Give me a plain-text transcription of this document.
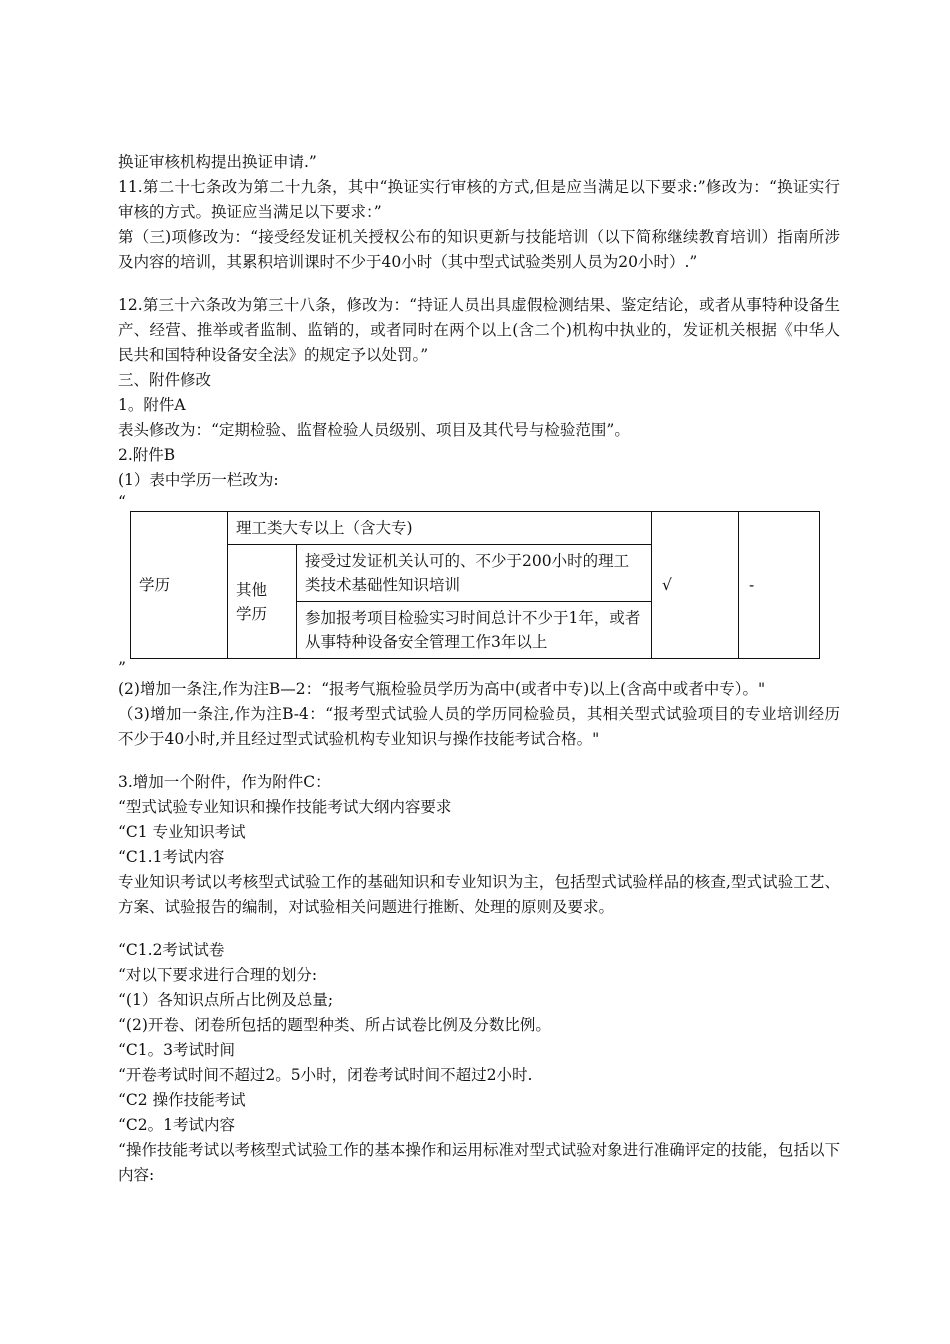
换证审核机构提出换证申请.”

11.第二十七条改为第二十九条，其中“换证实行审核的方式,但是应当满足以下要求:”修改为：“换证实行审核的方式。换证应当满足以下要求：”

第（三)项修改为：“接受经发证机关授权公布的知识更新与技能培训（以下简称继续教育培训）指南所涉及内容的培训，其累积培训课时不少于40小时（其中型式试验类别人员为20小时）.”

12.第三十六条改为第三十八条，修改为：“持证人员出具虚假检测结果、鉴定结论，或者从事特种设备生产、经营、推举或者监制、监销的，或者同时在两个以上(含二个)机构中执业的，发证机关根据《中华人民共和国特种设备安全法》的规定予以处罚。”

三、附件修改

1。附件A

表头修改为：“定期检验、监督检验人员级别、项目及其代号与检验范围”。

2.附件B

(1）表中学历一栏改为:

“

学历	理工类大专以上（含大专)		√	-
	其他
学历	接受过发证机关认可的、不少于200小时的理工类技术基础性知识培训		
		参加报考项目检验实习时间总计不少于1年，或者从事特种设备安全管理工作3年以上		

”

(2)增加一条注,作为注B—2：“报考气瓶检验员学历为高中(或者中专)以上(含高中或者中专）。"

（3)增加一条注,作为注B-4：“报考型式试验人员的学历同检验员，其相关型式试验项目的专业培训经历不少于40小时,并且经过型式试验机构专业知识与操作技能考试合格。"

3.增加一个附件，作为附件C：

“型式试验专业知识和操作技能考试大纲内容要求

“C1 专业知识考试

“C1.1考试内容

专业知识考试以考核型式试验工作的基础知识和专业知识为主，包括型式试验样品的核查,型式试验工艺、方案、试验报告的编制，对试验相关问题进行推断、处理的原则及要求。

“C1.2考试试卷

“对以下要求进行合理的划分:

“(1）各知识点所占比例及总量;

“(2)开卷、闭卷所包括的题型种类、所占试卷比例及分数比例。

“C1。3考试时间

“开卷考试时间不超过2。5小时，闭卷考试时间不超过2小时.

“C2 操作技能考试

“C2。1考试内容

“操作技能考试以考核型式试验工作的基本操作和运用标准对型式试验对象进行准确评定的技能，包括以下内容:
